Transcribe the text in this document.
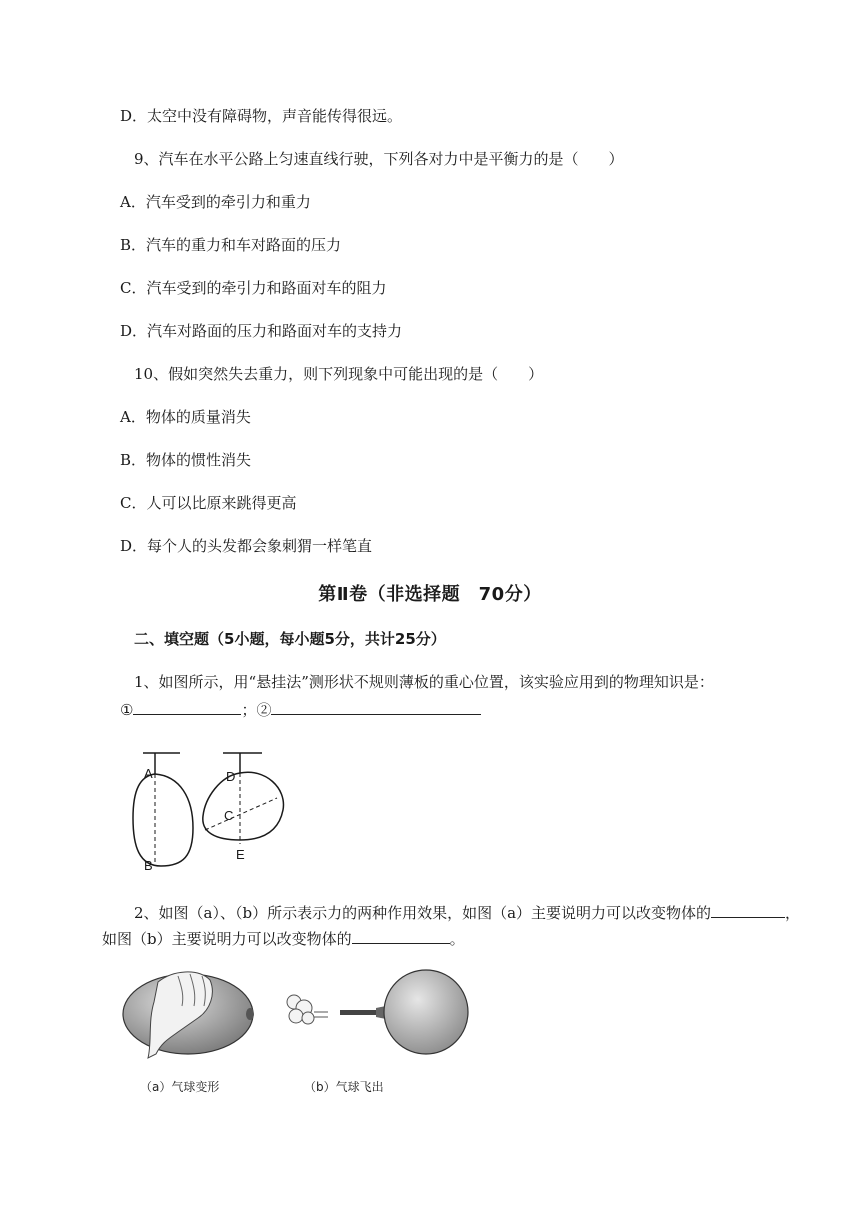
D．太空中没有障碍物，声音能传得很远。
9、汽车在水平公路上匀速直线行驶，下列各对力中是平衡力的是（　　）
A．汽车受到的牵引力和重力
B．汽车的重力和车对路面的压力
C．汽车受到的牵引力和路面对车的阻力
D．汽车对路面的压力和路面对车的支持力
10、假如突然失去重力，则下列现象中可能出现的是（　　）
A．物体的质量消失
B．物体的惯性消失
C．人可以比原来跳得更高
D．每个人的头发都会象刺猬一样笔直
第Ⅱ卷（非选择题　70分）
二、填空题（5小题，每小题5分，共计25分）
1、如图所示，用“悬挂法”测形状不规则薄板的重心位置，该实验应用到的物理知识是：
①	；②
A
B
C
D
E
2、如图（a）、（b）所示表示力的两种作用效果，如图（a）主要说明力可以改变物体的	，
如图（b）主要说明力可以改变物体的	。
（a）气球变形	（b）气球飞出
